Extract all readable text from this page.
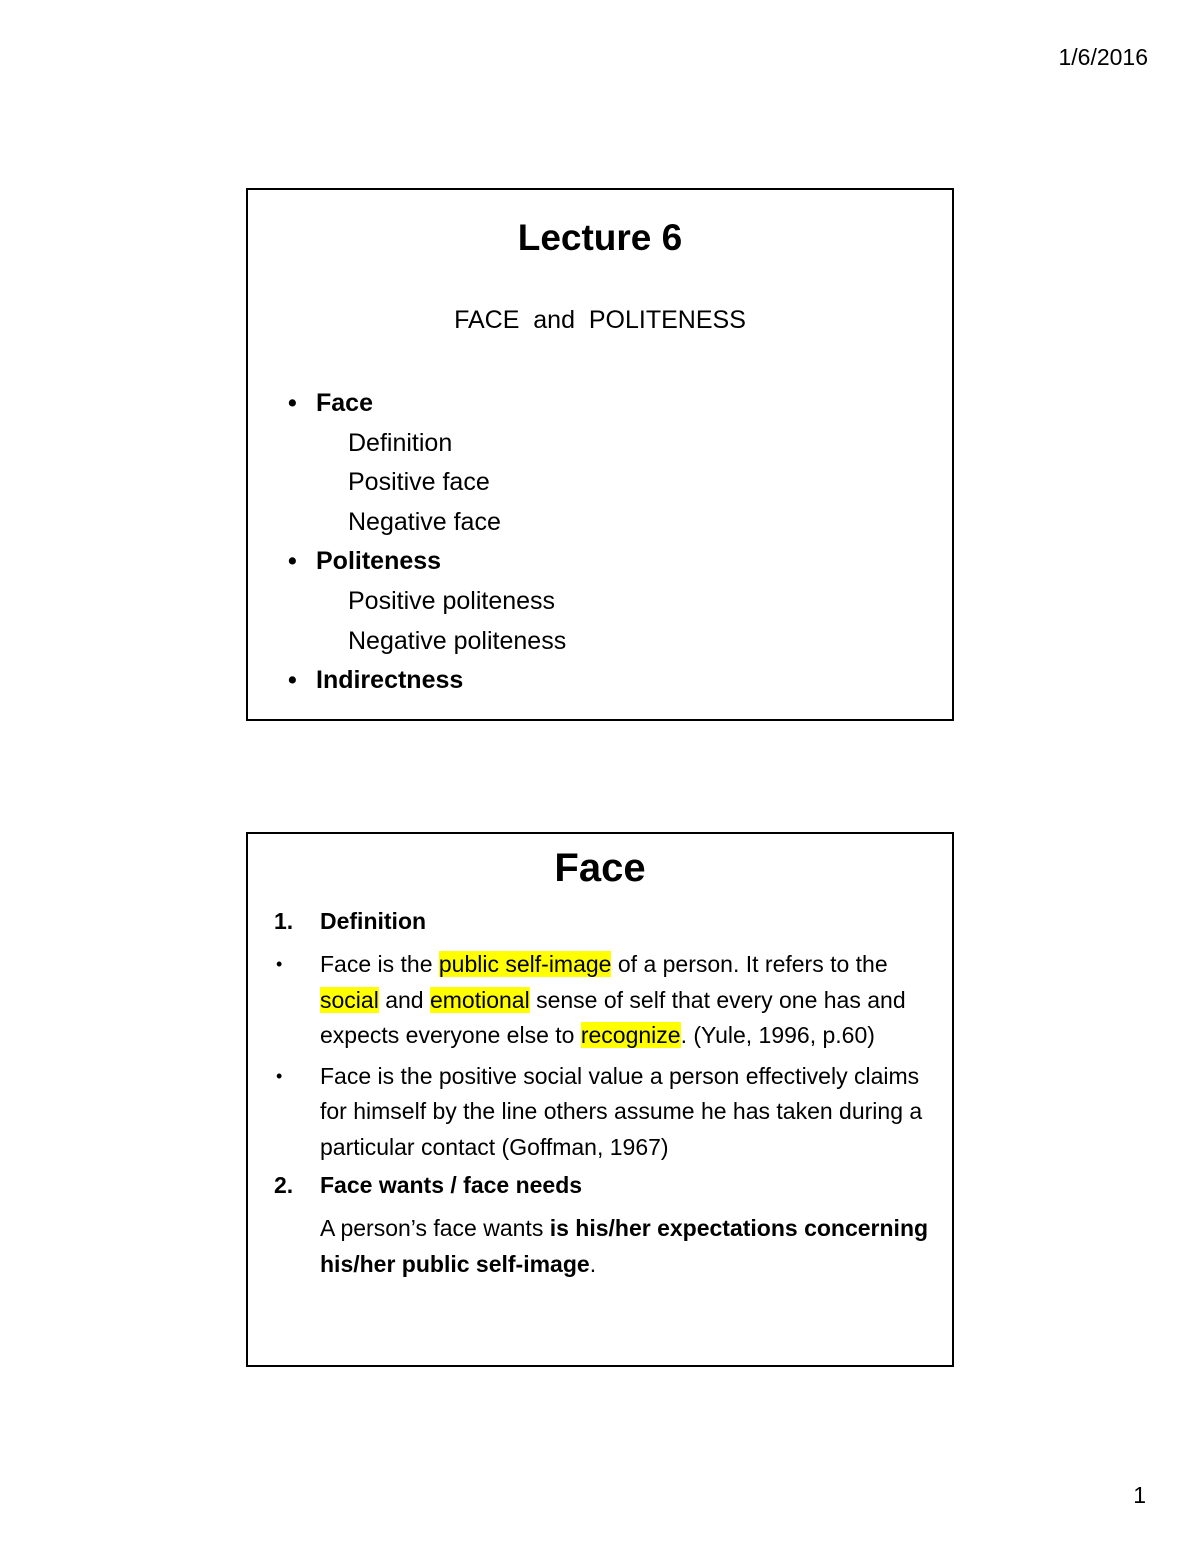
1/6/2016
Lecture 6
FACE  and  POLITENESS
• Face
Definition
Positive face
Negative face
• Politeness
Positive politeness
Negative politeness
• Indirectness
Face
1. Definition
• Face is the public self-image of a person. It refers to the social and emotional sense of self that every one has and expects everyone else to recognize. (Yule, 1996, p.60)
• Face is the positive social value a person effectively claims for himself by the line others assume he has taken during a particular contact (Goffman, 1967)
2. Face wants / face needs
A person’s face wants is his/her expectations concerning his/her public self-image.
1
